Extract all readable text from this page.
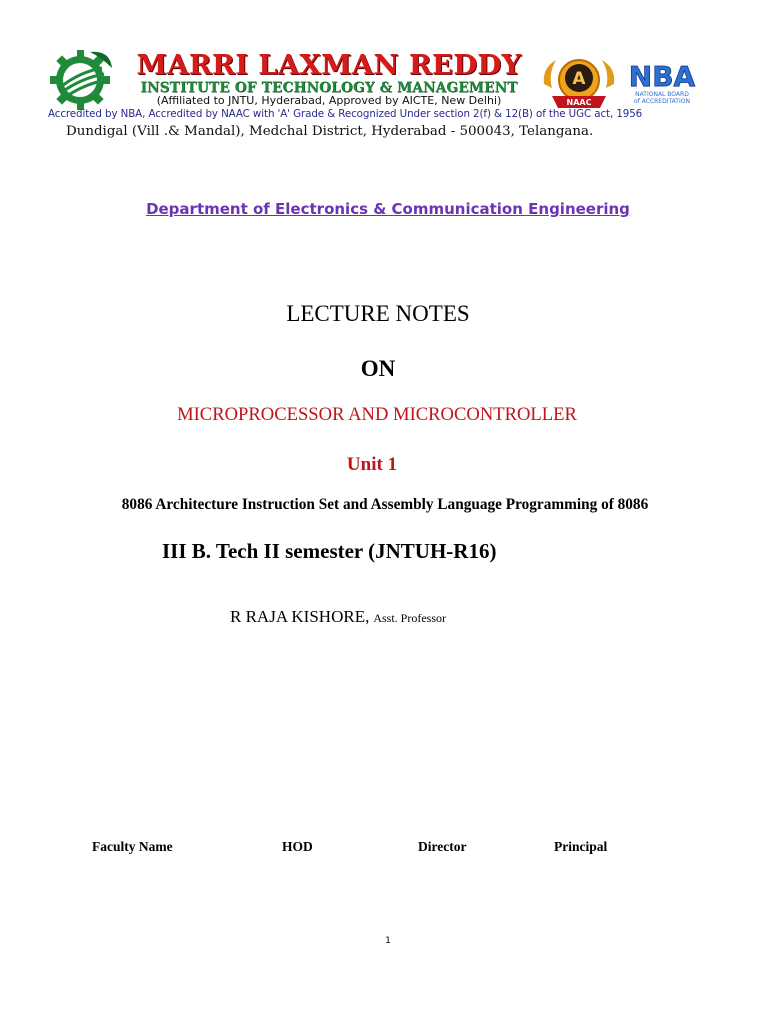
MARRI LAXMAN REDDY
INSTITUTE OF TECHNOLOGY & MANAGEMENT
(Affiliated to JNTU, Hyderabad, Approved by AICTE, New Delhi)
Accredited by NBA, Accredited by NAAC with 'A' Grade & Recognized Under section 2(f) & 12(B) of the UGC act, 1956
Dundigal (Vill .& Mandal), Medchal District, Hyderabad - 500043, Telangana.
A
NAAC
NBA
NATIONAL BOARD
of ACCREDITATION
Department of Electronics & Communication Engineering
LECTURE NOTES
ON
MICROPROCESSOR AND MICROCONTROLLER
Unit 1
8086 Architecture Instruction Set and Assembly Language Programming of 8086
III B. Tech II semester (JNTUH-R16)
R RAJA KISHORE, Asst. Professor
Faculty Name	HOD	Director	Principal
1
